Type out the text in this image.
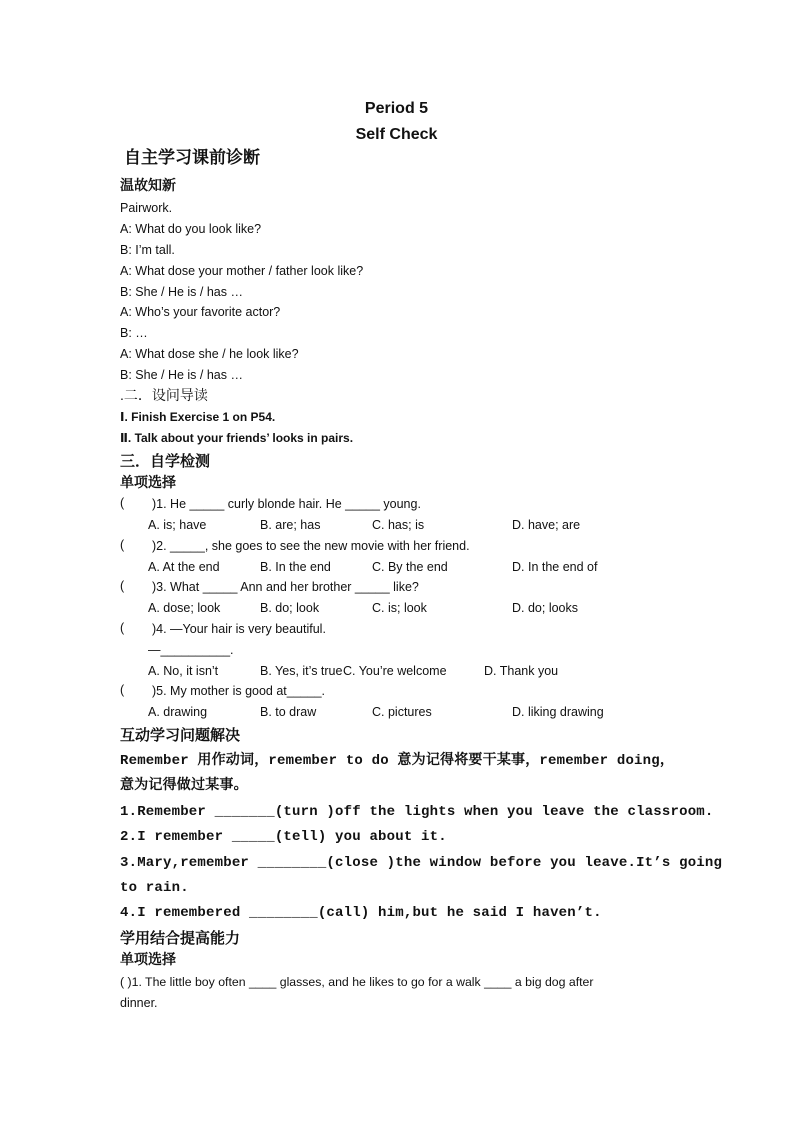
Period 5
Self Check
自主学习课前诊断
温故知新
Pairwork.
A: What do you look like?
B: I’m tall.
A: What dose your mother / father look like?
B: She / He is / has …
A: Who’s your favorite actor?
B: …
A: What dose she / he look like?
B: She / He is / has …
.二．设问导读
Ⅰ. Finish Exercise 1 on P54.
Ⅱ. Talk about your friends’ looks in pairs.
三．自学检测
单项选择
( )1. He _____ curly blonde hair. He _____ young.
A. is; have	B. are; has	C. has; is	D. have; are
( )2. _____, she goes to see the new movie with her friend.
A. At the end	B. In the end	C. By the end	D. In the end of
( )3. What _____ Ann and her brother _____ like?
A. dose; look	B. do; look	C. is; look	D. do; looks
( )4. —Your hair is very beautiful.
—__________.
A. No, it isn’t	B. Yes, it’s true C. You’re welcome	D. Thank you
( )5. My mother is good at_____.
A. drawing	B. to draw	C. pictures	D. liking drawing
互动学习问题解决
Remember 用作动词，remember to do 意为记得将要干某事，remember doing，
意为记得做过某事。
1.Remember _______(turn )off the lights when you leave the classroom.
2.I remember _____(tell) you about it.
3.Mary,remember ________(close )the window before you leave.It’s going
to rain.
4.I remembered ________(call) him,but he said I haven’t.
学用结合提高能力
单项选择
( )1. The little boy often ____ glasses, and he likes to go for a walk ____ a big dog after
dinner.
